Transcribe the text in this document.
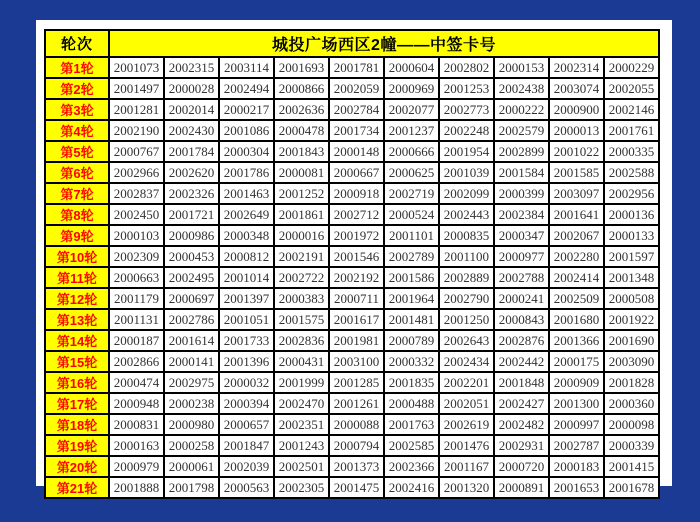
轮次	城投广场西区2幢——中签卡号									
第1轮	2001073	2002315	2003114	2001693	2001781	2000604	2002802	2000153	2002314	2000229
第2轮	2001497	2000028	2002494	2000866	2002059	2000969	2001253	2002438	2003074	2002055
第3轮	2001281	2002014	2000217	2002636	2002784	2002077	2002773	2000222	2000900	2002146
第4轮	2002190	2002430	2001086	2000478	2001734	2001237	2002248	2002579	2000013	2001761
第5轮	2000767	2001784	2000304	2001843	2000148	2000666	2001954	2002899	2001022	2000335
第6轮	2002966	2002620	2001786	2000081	2000667	2000625	2001039	2001584	2001585	2002588
第7轮	2002837	2002326	2001463	2001252	2000918	2002719	2002099	2000399	2003097	2002956
第8轮	2002450	2001721	2002649	2001861	2002712	2000524	2002443	2002384	2001641	2000136
第9轮	2000103	2000986	2000348	2000016	2001972	2001101	2000835	2000347	2002067	2000133
第10轮	2002309	2000453	2000812	2002191	2001546	2002789	2001100	2000977	2002280	2001597
第11轮	2000663	2002495	2001014	2002722	2002192	2001586	2002889	2002788	2002414	2001348
第12轮	2001179	2000697	2001397	2000383	2000711	2001964	2002790	2000241	2002509	2000508
第13轮	2001131	2002786	2001051	2001575	2001617	2001481	2001250	2000843	2001680	2001922
第14轮	2000187	2001614	2001733	2002836	2001981	2000789	2002643	2002876	2001366	2001690
第15轮	2002866	2000141	2001396	2000431	2003100	2000332	2002434	2002442	2000175	2003090
第16轮	2000474	2002975	2000032	2001999	2001285	2001835	2002201	2001848	2000909	2001828
第17轮	2000948	2000238	2000394	2002470	2001261	2000488	2002051	2002427	2001300	2000360
第18轮	2000831	2000980	2000657	2002351	2000088	2001763	2002619	2002482	2000997	2000098
第19轮	2000163	2000258	2001847	2001243	2000794	2002585	2001476	2002931	2002787	2000339
第20轮	2000979	2000061	2002039	2002501	2001373	2002366	2001167	2000720	2000183	2001415
第21轮	2001888	2001798	2000563	2002305	2001475	2002416	2001320	2000891	2001653	2001678
